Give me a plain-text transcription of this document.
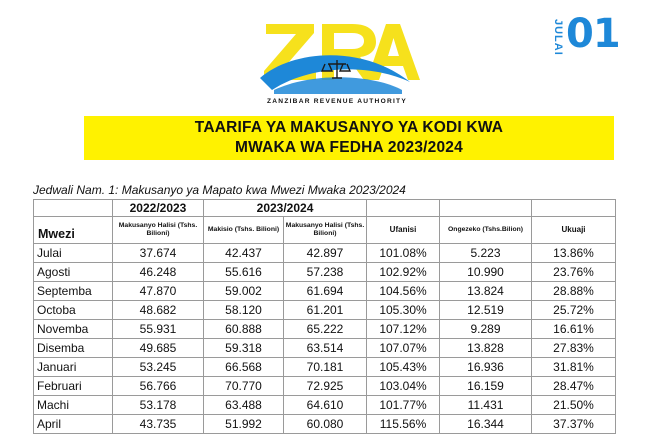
ZANZIBAR REVENUE AUTHORITY
JULAI 01
TAARIFA YA MAKUSANYO YA KODI KWA
MWAKA WA FEDHA 2023/2024
Jedwali Nam. 1: Makusanyo ya Mapato kwa Mwezi Mwaka 2023/2024
	2022/2023	2023/2024				
Mwezi	Makusanyo Halisi (Tshs. Bilioni)	Makisio (Tshs. Bilioni)	Makusanyo Halisi (Tshs. Bilioni)	Ufanisi	Ongezeko (Tshs.Bilion)	Ukuaji
Julai	37.674	42.437	42.897	101.08%	5.223	13.86%
Agosti	46.248	55.616	57.238	102.92%	10.990	23.76%
Septemba	47.870	59.002	61.694	104.56%	13.824	28.88%
Octoba	48.682	58.120	61.201	105.30%	12.519	25.72%
Novemba	55.931	60.888	65.222	107.12%	9.289	16.61%
Disemba	49.685	59.318	63.514	107.07%	13.828	27.83%
Januari	53.245	66.568	70.181	105.43%	16.936	31.81%
Februari	56.766	70.770	72.925	103.04%	16.159	28.47%
Machi	53.178	63.488	64.610	101.77%	11.431	21.50%
April	43.735	51.992	60.080	115.56%	16.344	37.37%
